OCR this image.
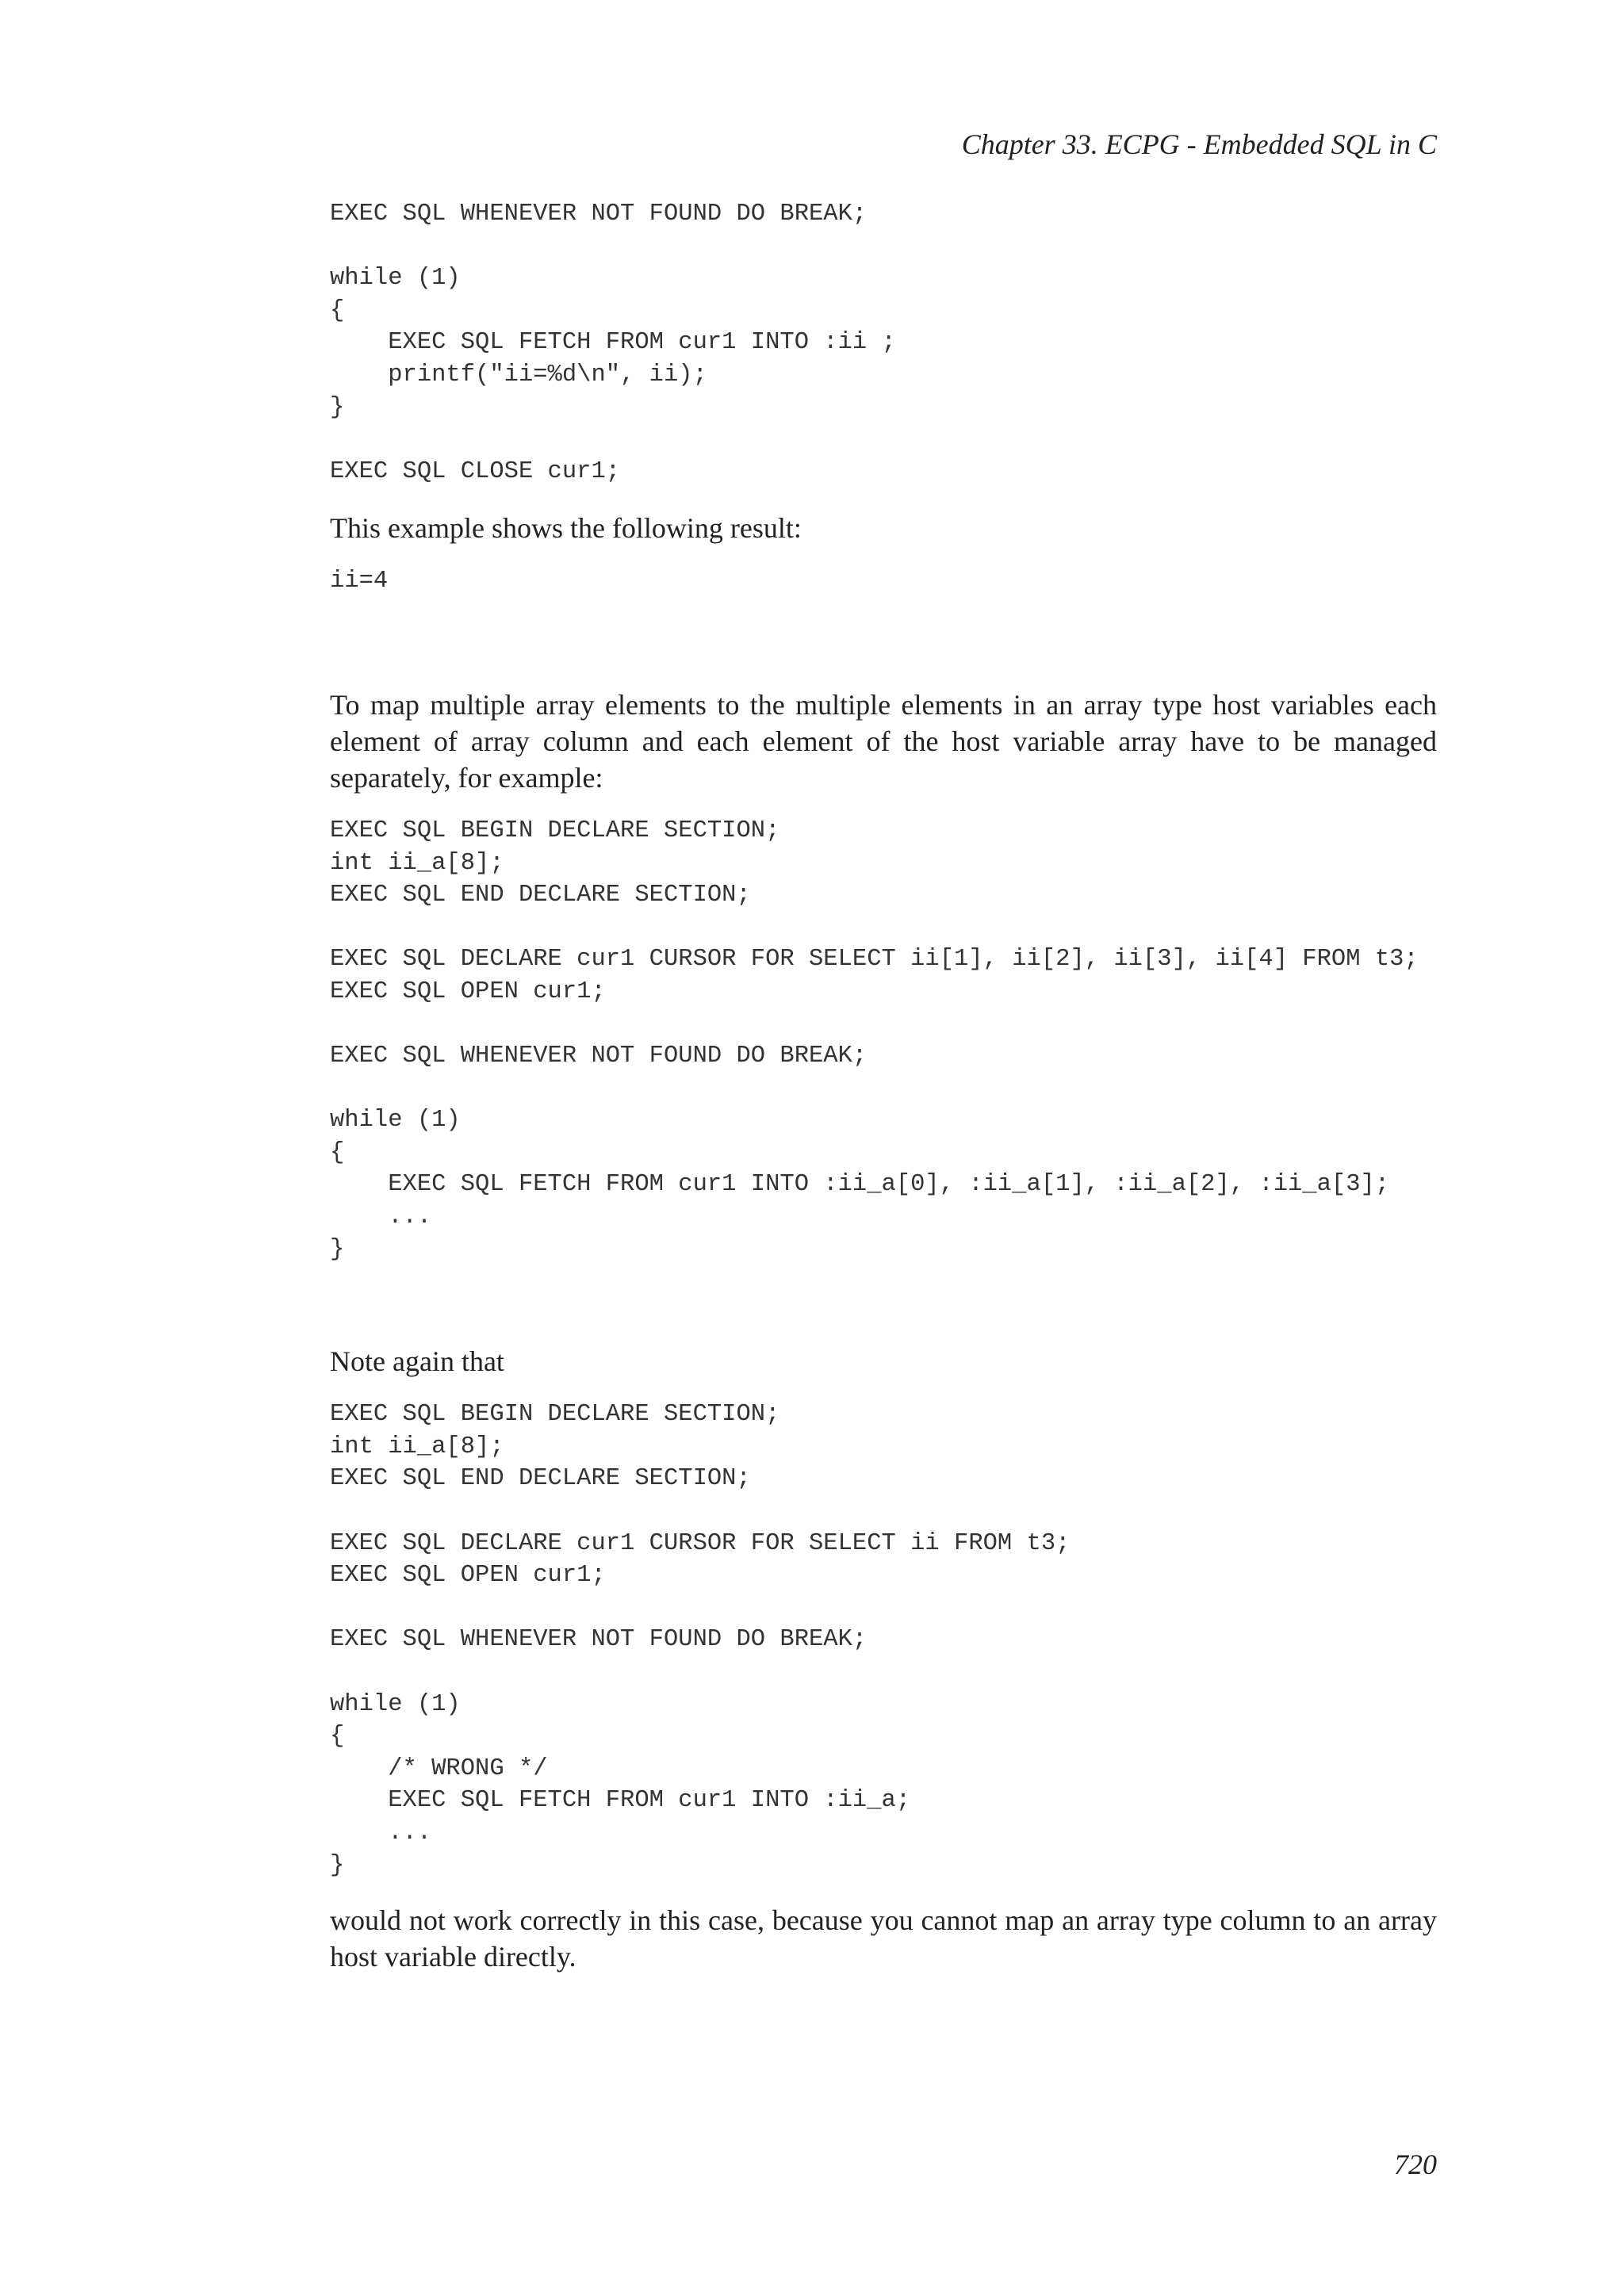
Chapter 33. ECPG - Embedded SQL in C
EXEC SQL WHENEVER NOT FOUND DO BREAK;
while (1)
{
EXEC SQL FETCH FROM cur1 INTO :ii ;
printf("ii=%d\n", ii);
}
EXEC SQL CLOSE cur1;

This example shows the following result:

ii=4

To map multiple array elements to the multiple elements in an array type host variables each element of array column and each element of the host variable array have to be managed separately, for example:

EXEC SQL BEGIN DECLARE SECTION;
int ii_a[8];
EXEC SQL END DECLARE SECTION;
EXEC SQL DECLARE cur1 CURSOR FOR SELECT ii[1], ii[2], ii[3], ii[4] FROM t3;
EXEC SQL OPEN cur1;
EXEC SQL WHENEVER NOT FOUND DO BREAK;
while (1)
{
EXEC SQL FETCH FROM cur1 INTO :ii_a[0], :ii_a[1], :ii_a[2], :ii_a[3];
...
}

Note again that

EXEC SQL BEGIN DECLARE SECTION;
int ii_a[8];
EXEC SQL END DECLARE SECTION;
EXEC SQL DECLARE cur1 CURSOR FOR SELECT ii FROM t3;
EXEC SQL OPEN cur1;
EXEC SQL WHENEVER NOT FOUND DO BREAK;
while (1)
{
/* WRONG */
EXEC SQL FETCH FROM cur1 INTO :ii_a;
...
}

would not work correctly in this case, because you cannot map an array type column to an array host variable directly.

720
